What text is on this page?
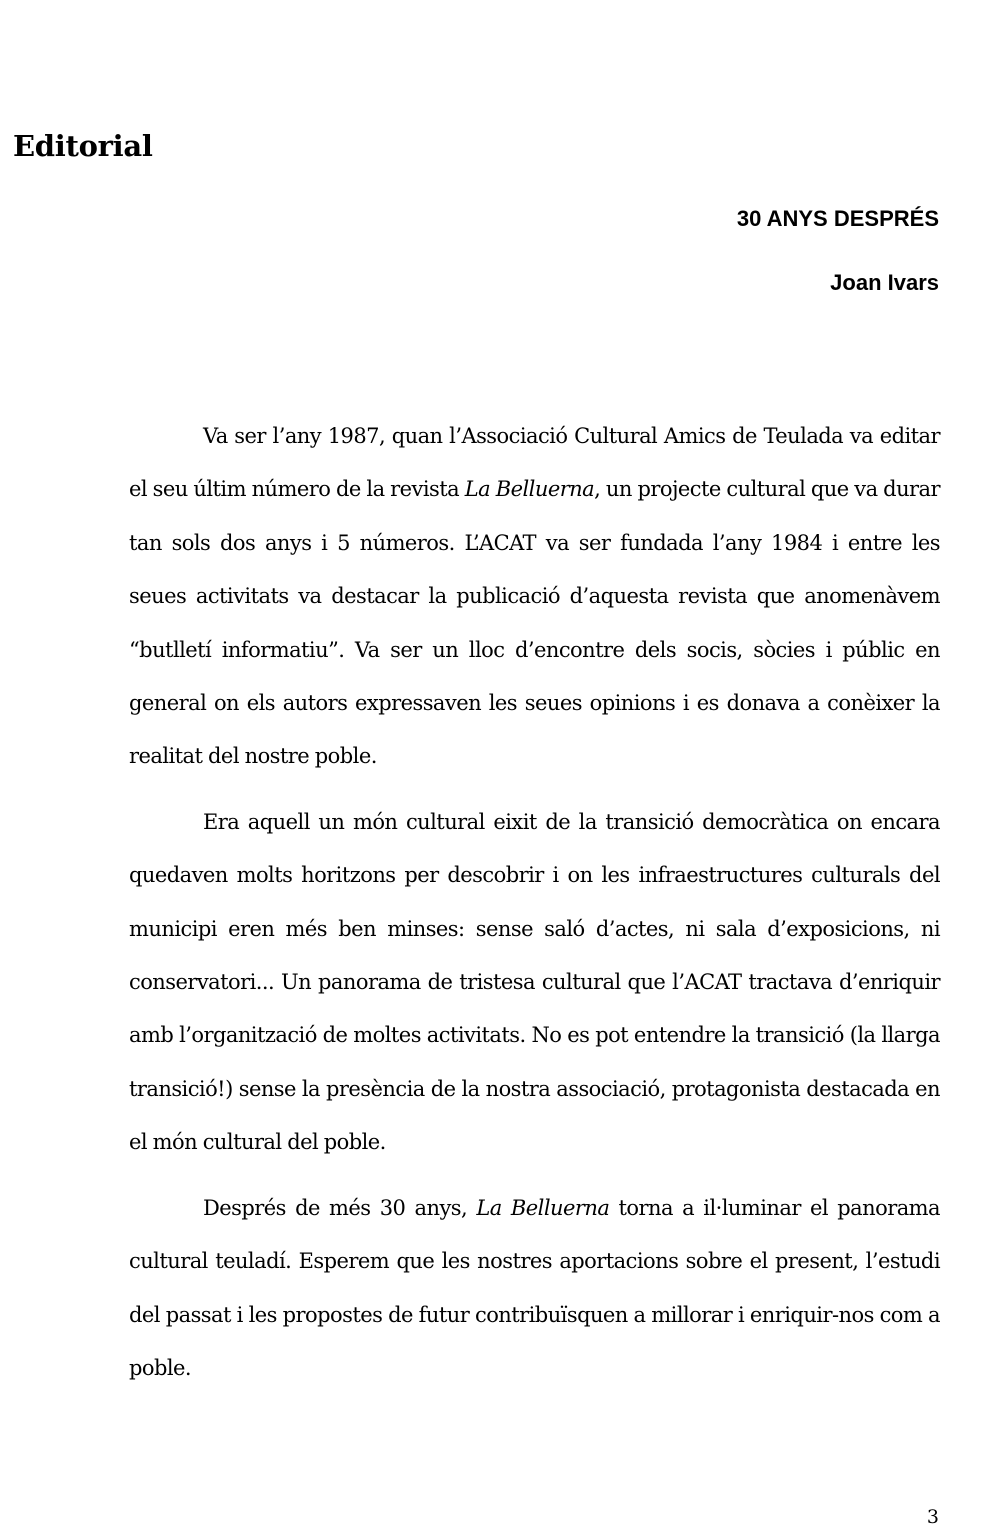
Editorial
30 ANYS DESPRÉS

Joan Ivars

Va ser l’any 1987, quan l’Associació Cultural Amics de Teulada va editar el seu últim número de la revista La Belluerna, un projecte cultural que va durar tan sols dos anys i 5 números. L’ACAT va ser fundada l’any 1984 i entre les seues activitats va destacar la publicació d’aquesta revista que anomenàvem “butlletí informatiu”. Va ser un lloc d’encontre dels socis, sòcies i públic en general on els autors expressaven les seues opinions i es donava a conèixer la realitat del nostre poble.

Era aquell un món cultural eixit de la transició democràtica on encara quedaven molts horitzons per descobrir i on les infraestructures culturals del municipi eren més ben minses: sense saló d’actes, ni sala d’exposicions, ni conservatori... Un panorama de tristesa cultural que l’ACAT tractava d’enriquir amb l’organització de moltes activitats. No es pot entendre la transició (la llarga transició!) sense la presència de la nostra associació, protagonista destacada en el món cultural del poble.

Després de més 30 anys, La Belluerna torna a il·luminar el panorama cultural teuladí. Esperem que les nostres aportacions sobre el present, l’estudi del passat i les propostes de futur contribuïsquen a millorar i enriquir-nos com a poble.

3
